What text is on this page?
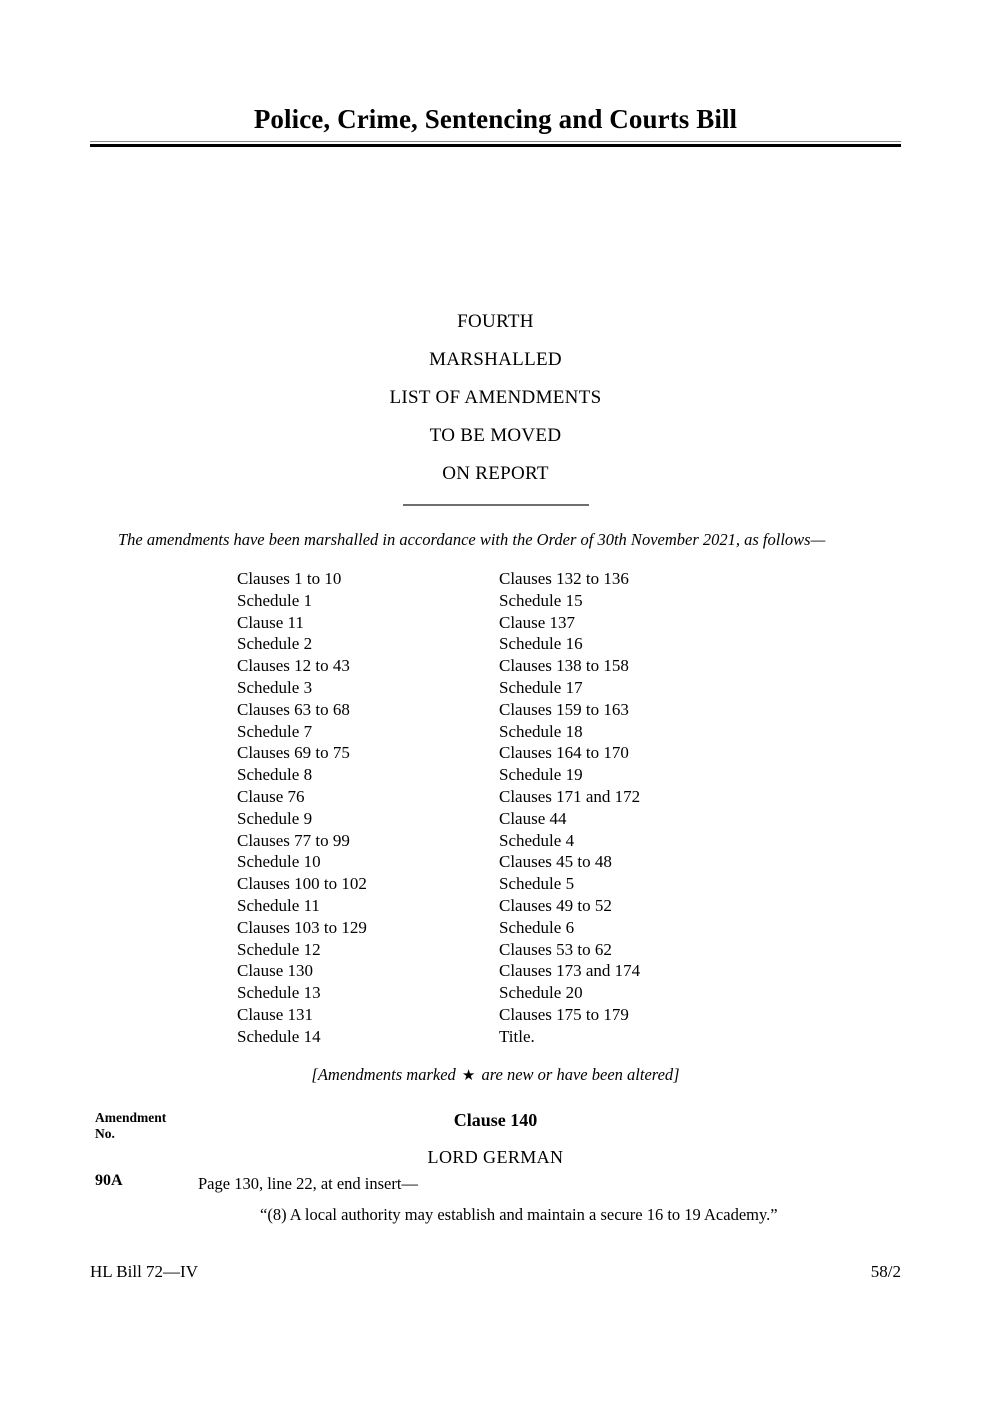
Police, Crime, Sentencing and Courts Bill
FOURTH
MARSHALLED
LIST OF AMENDMENTS
TO BE MOVED
ON REPORT
The amendments have been marshalled in accordance with the Order of 30th November 2021, as follows—
Clauses 1 to 10
Schedule 1
Clause 11
Schedule 2
Clauses 12 to 43
Schedule 3
Clauses 63 to 68
Schedule 7
Clauses 69 to 75
Schedule 8
Clause 76
Schedule 9
Clauses 77 to 99
Schedule 10
Clauses 100 to 102
Schedule 11
Clauses 103 to 129
Schedule 12
Clause 130
Schedule 13
Clause 131
Schedule 14

Clauses 132 to 136
Schedule 15
Clause 137
Schedule 16
Clauses 138 to 158
Schedule 17
Clauses 159 to 163
Schedule 18
Clauses 164 to 170
Schedule 19
Clauses 171 and 172
Clause 44
Schedule 4
Clauses 45 to 48
Schedule 5
Clauses 49 to 52
Schedule 6
Clauses 53 to 62
Clauses 173 and 174
Schedule 20
Clauses 175 to 179
Title.
[Amendments marked ★ are new or have been altered]
Amendment
No.
Clause 140
LORD GERMAN
90A	Page 130, line 22, at end insert—
“(8) A local authority may establish and maintain a secure 16 to 19 Academy.”
HL Bill 72—IV	58/2
